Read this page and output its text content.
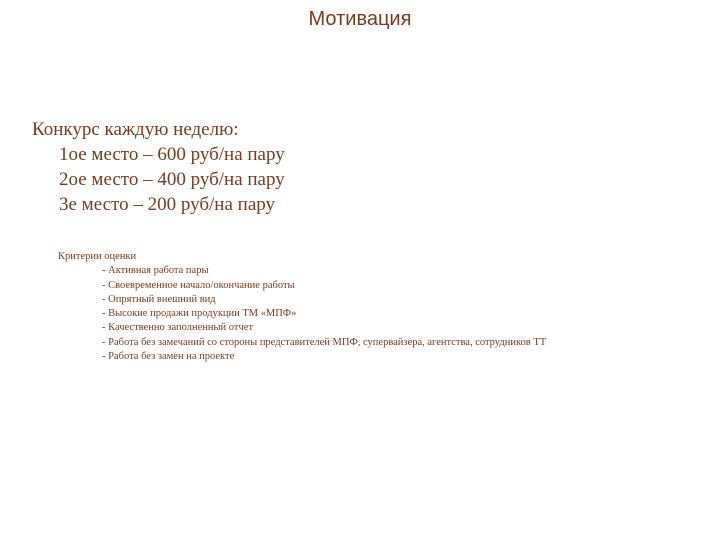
Мотивация

Конкурс каждую неделю:

1ое место – 600 руб/на пару
2ое место – 400 руб/на пару
3е место – 200 руб/на пару

Критерии оценки

- Активная работа пары
- Своевременное начало/окончание работы
- Опрятный внешний вид
- Высокие продажи продукции ТМ «МПФ»
- Качественно заполненный отчет
- Работа без замечаний со стороны представителей МПФ, супервайзера, агентства, сотрудников ТТ
- Работа без замен на проекте
